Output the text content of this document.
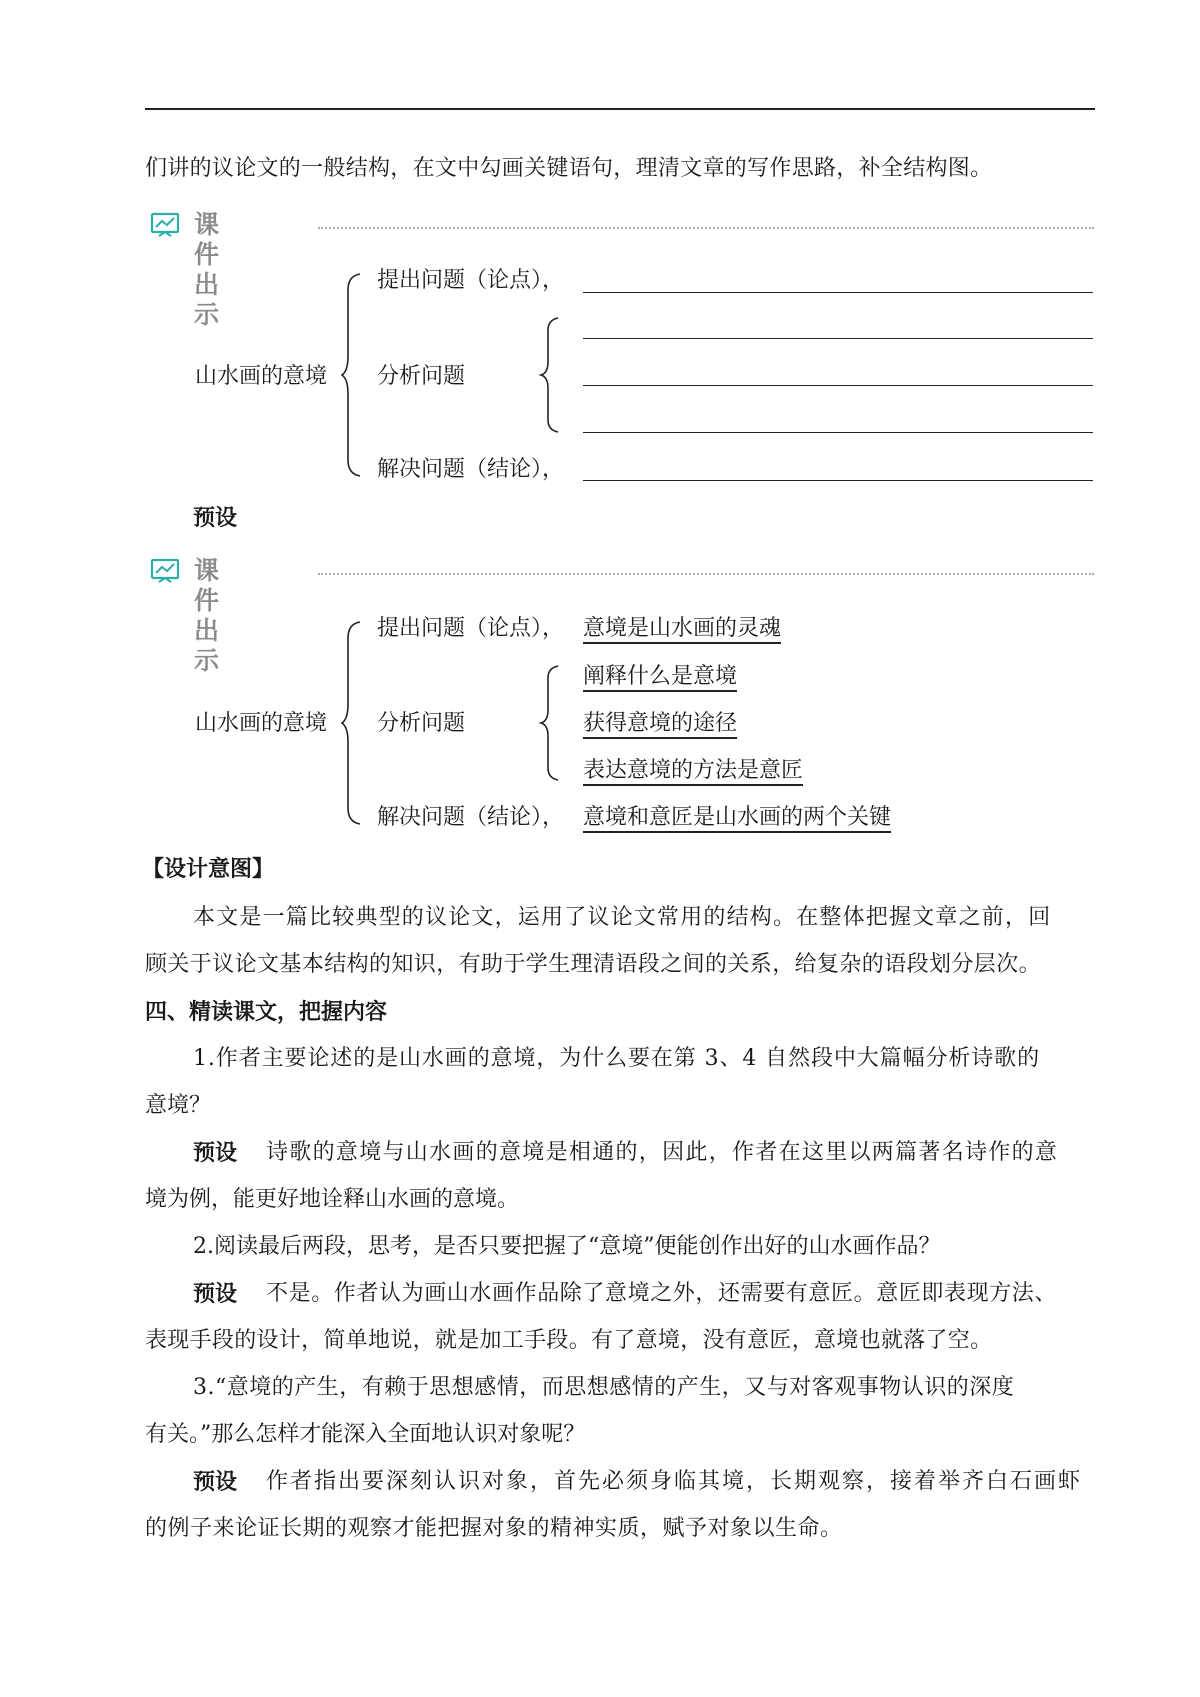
们讲的议论文的一般结构，在文中勾画关键语句，理清文章的写作思路，补全结构图。
课件出示
山水画的意境
提出问题（论点），
分析问题
解决问题（结论），
预设
课件出示
山水画的意境
提出问题（论点）， 意境是山水画的灵魂
分析问题
阐释什么是意境
获得意境的途径
表达意境的方法是意匠
解决问题（结论）， 意境和意匠是山水画的两个关键
【设计意图】
本文是一篇比较典型的议论文，运用了议论文常用的结构。在整体把握文章之前，回
顾关于议论文基本结构的知识，有助于学生理清语段之间的关系，给复杂的语段划分层次。
四、精读课文，把握内容
1.作者主要论述的是山水画的意境，为什么要在第 3、4 自然段中大篇幅分析诗歌的
意境？
预设 诗歌的意境与山水画的意境是相通的，因此，作者在这里以两篇著名诗作的意
境为例，能更好地诠释山水画的意境。
2.阅读最后两段，思考，是否只要把握了“意境”便能创作出好的山水画作品？
预设 不是。作者认为画山水画作品除了意境之外，还需要有意匠。意匠即表现方法、
表现手段的设计，简单地说，就是加工手段。有了意境，没有意匠，意境也就落了空。
3.“意境的产生，有赖于思想感情，而思想感情的产生，又与对客观事物认识的深度
有关。”那么怎样才能深入全面地认识对象呢？
预设 作者指出要深刻认识对象，首先必须身临其境，长期观察，接着举齐白石画虾
的例子来论证长期的观察才能把握对象的精神实质，赋予对象以生命。
